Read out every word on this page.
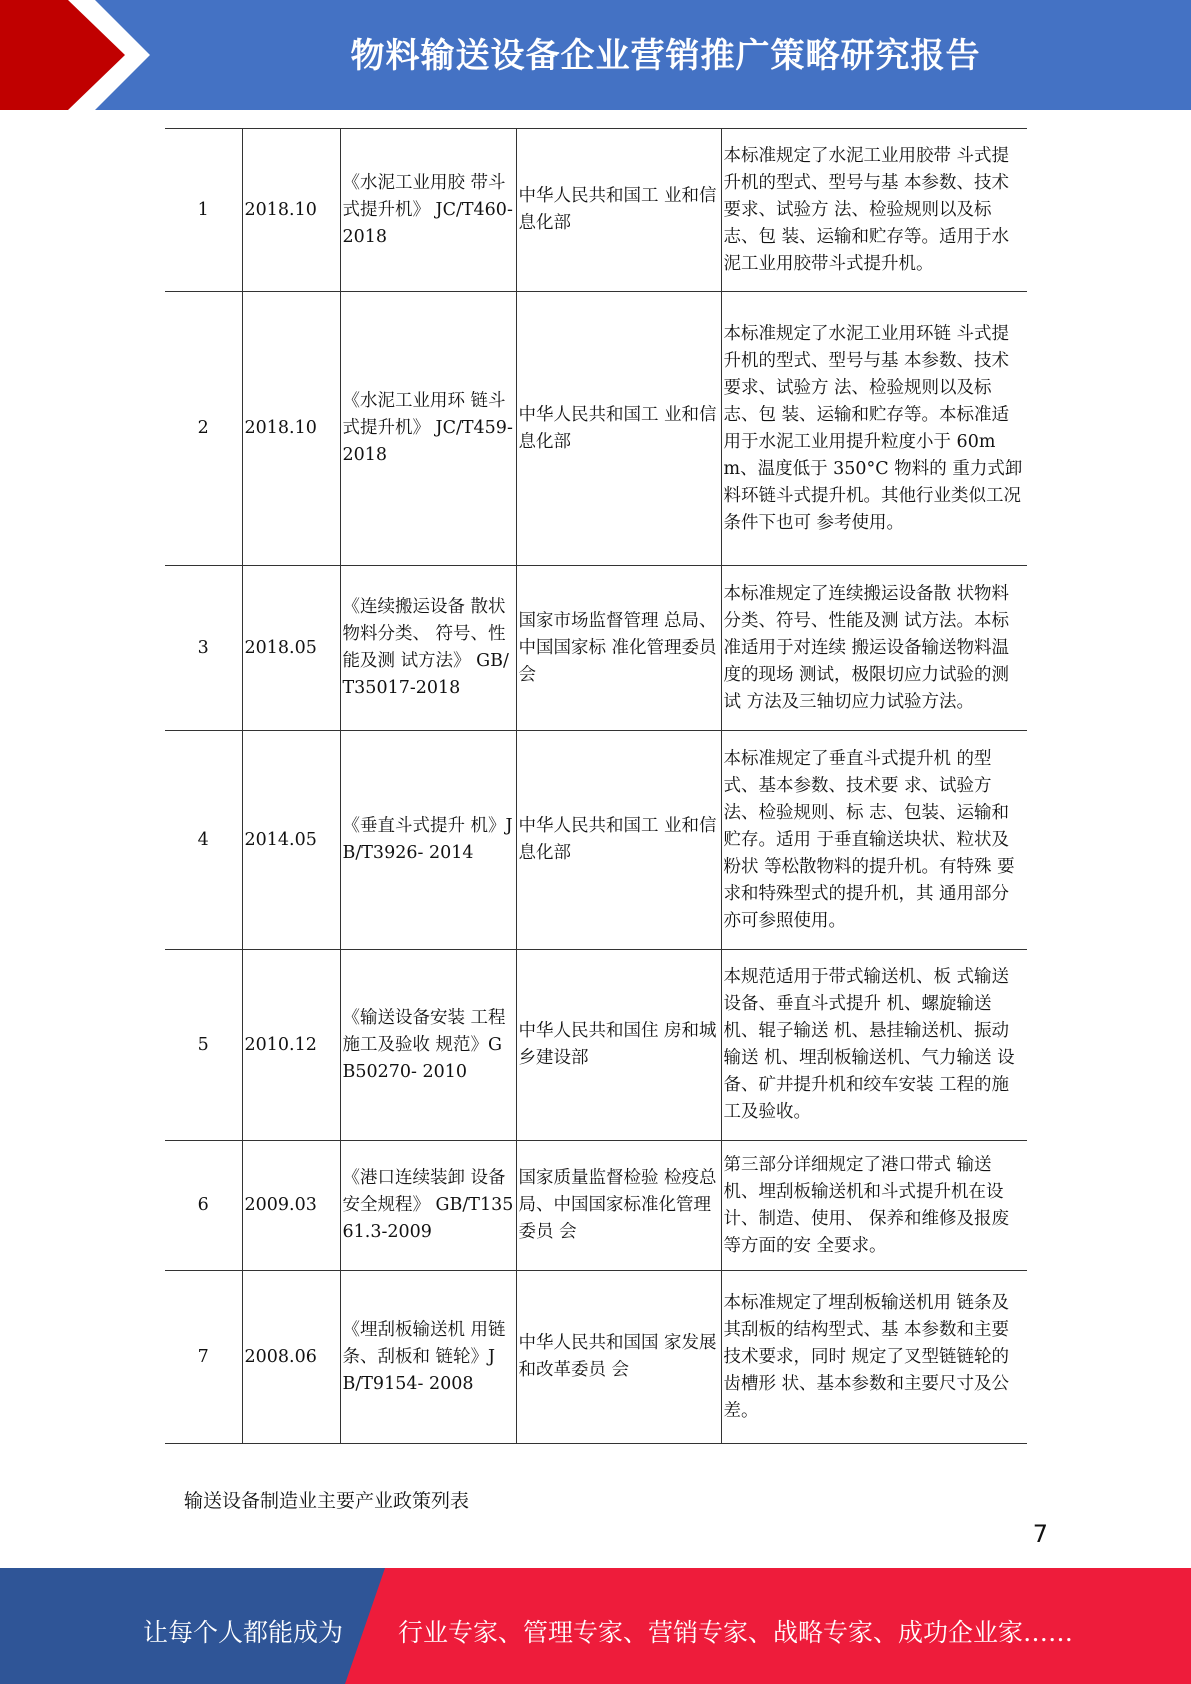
物料输送设备企业营销推广策略研究报告
1	2018.10	《水泥工业用胶 带斗式提升机》 JC/T460-2018	中华人民共和国工 业和信息化部	本标准规定了水泥工业用胶带 斗式提升机的型式、型号与基 本参数、技术要求、试验方 法、检验规则以及标志、包 装、运输和贮存等。适用于水 泥工业用胶带斗式提升机。
2	2018.10	《水泥工业用环 链斗式提升机》 JC/T459-2018	中华人民共和国工 业和信息化部	本标准规定了水泥工业用环链 斗式提升机的型式、型号与基 本参数、技术要求、试验方 法、检验规则以及标志、包 装、运输和贮存等。本标准适 用于水泥工业用提升粒度小于 60mm、温度低于 350°C 物料的 重力式卸料环链斗式提升机。其他行业类似工况条件下也可 参考使用。
3	2018.05	《连续搬运设备 散状物料分类、 符号、性能及测 试方法》 GB/T35017-2018	国家市场监督管理 总局、中国国家标 准化管理委员会	本标准规定了连续搬运设备散 状物料分类、符号、性能及测 试方法。本标准适用于对连续 搬运设备输送物料温度的现场 测试，极限切应力试验的测试 方法及三轴切应力试验方法。
4	2014.05	《垂直斗式提升 机》JB/T3926- 2014	中华人民共和国工 业和信息化部	本标准规定了垂直斗式提升机 的型式、基本参数、技术要 求、试验方法、检验规则、标 志、包装、运输和贮存。适用 于垂直输送块状、粒状及粉状 等松散物料的提升机。有特殊 要求和特殊型式的提升机，其 通用部分亦可参照使用。
5	2010.12	《输送设备安装 工程施工及验收 规范》GB50270- 2010	中华人民共和国住 房和城乡建设部	本规范适用于带式输送机、板 式输送设备、垂直斗式提升 机、螺旋输送机、辊子输送 机、悬挂输送机、振动输送 机、埋刮板输送机、气力输送 设备、矿井提升机和绞车安装 工程的施工及验收。
6	2009.03	《港口连续装卸 设备安全规程》 GB/T13561.3-2009	国家质量监督检验 检疫总局、中国国家标准化管理委员 会	第三部分详细规定了港口带式 输送机、埋刮板输送机和斗式提升机在设计、制造、使用、 保养和维修及报废等方面的安 全要求。
7	2008.06	《埋刮板输送机 用链条、刮板和 链轮》JB/T9154- 2008	中华人民共和国国 家发展和改革委员 会	本标准规定了埋刮板输送机用 链条及其刮板的结构型式、基 本参数和主要技术要求，同时 规定了叉型链链轮的齿槽形 状、基本参数和主要尺寸及公 差。
输送设备制造业主要产业政策列表
7
让每个人都能成为 行业专家、管理专家、营销专家、战略专家、成功企业家……
